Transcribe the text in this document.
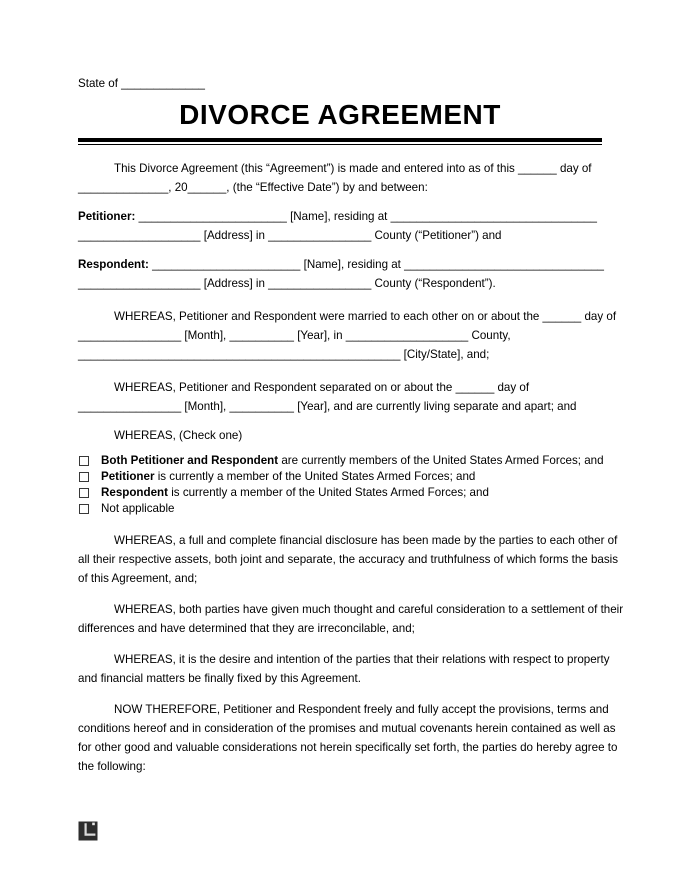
State of _____________
DIVORCE AGREEMENT
This Divorce Agreement (this “Agreement”) is made and entered into as of this ______ day of
______________, 20______, (the “Effective Date”) by and between:
Petitioner: _______________________ [Name], residing at ________________________________
___________________ [Address] in ________________ County (“Petitioner”) and
Respondent: _______________________ [Name], residing at _______________________________
___________________ [Address] in ________________ County (“Respondent”).
WHEREAS, Petitioner and Respondent were married to each other on or about the ______ day of
________________ [Month], __________ [Year], in ___________________ County,
__________________________________________________ [City/State], and;
WHEREAS, Petitioner and Respondent separated on or about the ______ day of
________________ [Month], __________ [Year], and are currently living separate and apart; and
WHEREAS, (Check one)
Both Petitioner and Respondent are currently members of the United States Armed Forces; and
Petitioner is currently a member of the United States Armed Forces; and
Respondent is currently a member of the United States Armed Forces; and
Not applicable
WHEREAS, a full and complete financial disclosure has been made by the parties to each other of
all their respective assets, both joint and separate, the accuracy and truthfulness of which forms the basis
of this Agreement, and;
WHEREAS, both parties have given much thought and careful consideration to a settlement of their
differences and have determined that they are irreconcilable, and;
WHEREAS, it is the desire and intention of the parties that their relations with respect to property
and financial matters be finally fixed by this Agreement.
NOW THEREFORE, Petitioner and Respondent freely and fully accept the provisions, terms and
conditions hereof and in consideration of the promises and mutual covenants herein contained as well as
for other good and valuable considerations not herein specifically set forth, the parties do hereby agree to
the following:
